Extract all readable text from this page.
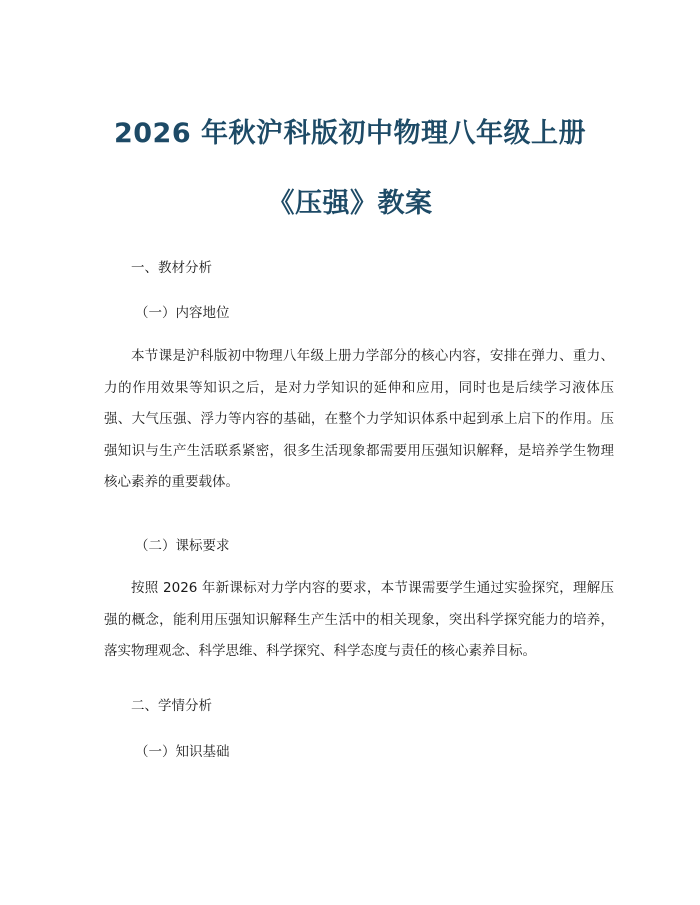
2026 年秋沪科版初中物理八年级上册
《压强》教案
一、教材分析
（一）内容地位
本节课是沪科版初中物理八年级上册力学部分的核心内容，安排在弹力、重力、力的作用效果等知识之后，是对力学知识的延伸和应用，同时也是后续学习液体压强、大气压强、浮力等内容的基础，在整个力学知识体系中起到承上启下的作用。压强知识与生产生活联系紧密，很多生活现象都需要用压强知识解释，是培养学生物理核心素养的重要载体。
（二）课标要求
按照 2026 年新课标对力学内容的要求，本节课需要学生通过实验探究，理解压强的概念，能利用压强知识解释生产生活中的相关现象，突出科学探究能力的培养，落实物理观念、科学思维、科学探究、科学态度与责任的核心素养目标。
二、学情分析
（一）知识基础
